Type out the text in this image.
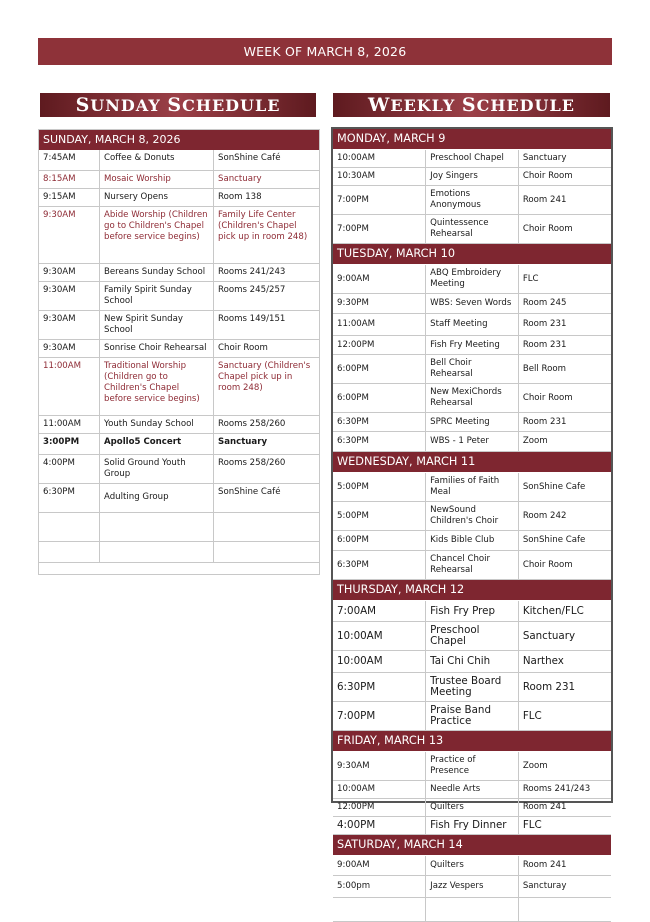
WEEK OF MARCH 8, 2026
SUNDAY SCHEDULE	WEEKLY SCHEDULE
SUNDAY, MARCH 8, 2026
7:45AM	Coffee & Donuts	SonShine Café
8:15AM	Mosaic Worship	Sanctuary
9:15AM	Nursery Opens	Room 138
9:30AM	Abide Worship (Children go to Children's Chapel before service begins)	Family Life Center (Children's Chapel pick up in room 248)
9:30AM	Bereans Sunday School	Rooms 241/243
9:30AM	Family Spirit Sunday School	Rooms 245/257
9:30AM	New Spirit Sunday School	Rooms 149/151
9:30AM	Sonrise Choir Rehearsal	Choir Room
11:00AM	Traditional Worship (Children go to Children's Chapel before service begins)	Sanctuary (Children's Chapel pick up in room 248)
11:00AM	Youth Sunday School	Rooms 258/260
3:00PM	Apollo5 Concert	Sanctuary
4:00PM	Solid Ground Youth Group	Rooms 258/260
6:30PM	Adulting Group	SonShine Café

MONDAY, MARCH 9		
10:00AM	Preschool Chapel	Sanctuary
10:30AM	Joy Singers	Choir Room
7:00PM	Emotions Anonymous	Room 241
7:00PM	Quintessence Rehearsal	Choir Room
TUESDAY, MARCH 10		
9:00AM	ABQ Embroidery Meeting	FLC
9:30PM	WBS: Seven Words	Room 245
11:00AM	Staff Meeting	Room 231
12:00PM	Fish Fry Meeting	Room 231
6:00PM	Bell Choir Rehearsal	Bell Room
6:00PM	New MexiChords Rehearsal	Choir Room
6:30PM	SPRC Meeting	Room 231
6:30PM	WBS - 1 Peter	Zoom
WEDNESDAY, MARCH 11		
5:00PM	Families of Faith Meal	SonShine Cafe
5:00PM	NewSound Children's Choir	Room 242
6:00PM	Kids Bible Club	SonShine Cafe
6:30PM	Chancel Choir Rehearsal	Choir Room
THURSDAY, MARCH 12		
7:00AM	Fish Fry Prep	Kitchen/FLC
10:00AM	Preschool Chapel	Sanctuary
10:00AM	Tai Chi Chih	Narthex
6:30PM	Trustee Board Meeting	Room 231
7:00PM	Praise Band Practice	FLC
FRIDAY, MARCH 13		
9:30AM	Practice of Presence	Zoom
10:00AM	Needle Arts	Rooms 241/243
12:00PM	Quilters	Room 241
4:00PM	Fish Fry Dinner	FLC
SATURDAY, MARCH 14		
9:00AM	Quilters	Room 241
5:00pm	Jazz Vespers	Sancturay
